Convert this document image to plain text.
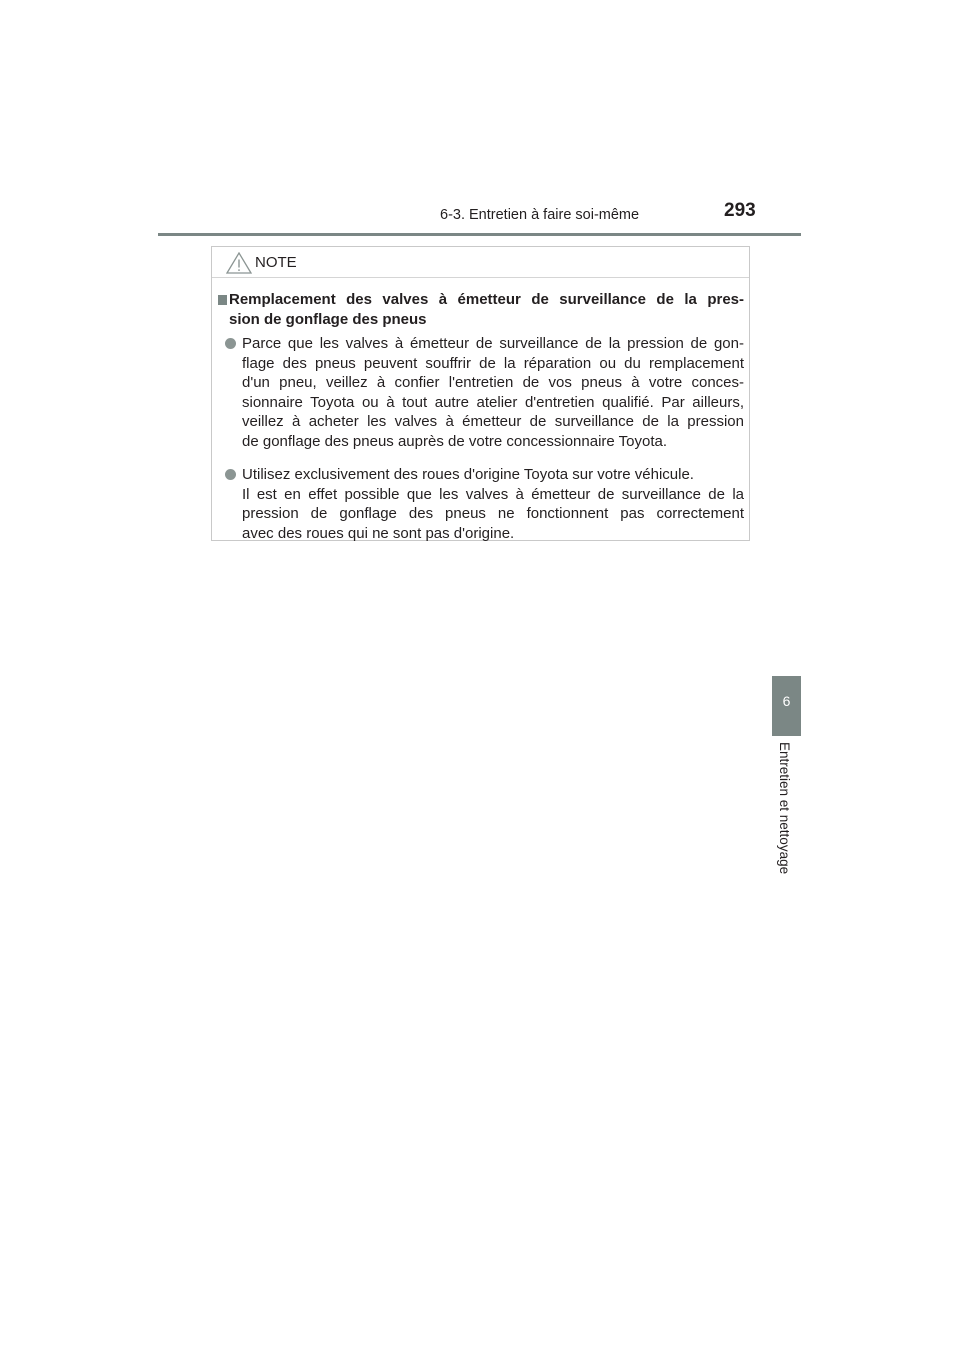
6-3. Entretien à faire soi-même	293
6
Entretien et nettoyage
NOTE
Remplacement des valves à émetteur de surveillance de la pres-
sion de gonflage des pneus
Parce que les valves à émetteur de surveillance de la pression de gon-
flage des pneus peuvent souffrir de la réparation ou du remplacement
d'un pneu, veillez à confier l'entretien de vos pneus à votre conces-
sionnaire Toyota ou à tout autre atelier d'entretien qualifié. Par ailleurs,
veillez à acheter les valves à émetteur de surveillance de la pression
de gonflage des pneus auprès de votre concessionnaire Toyota.
Utilisez exclusivement des roues d'origine Toyota sur votre véhicule.
Il est en effet possible que les valves à émetteur de surveillance de la
pression de gonflage des pneus ne fonctionnent pas correctement
avec des roues qui ne sont pas d'origine.
